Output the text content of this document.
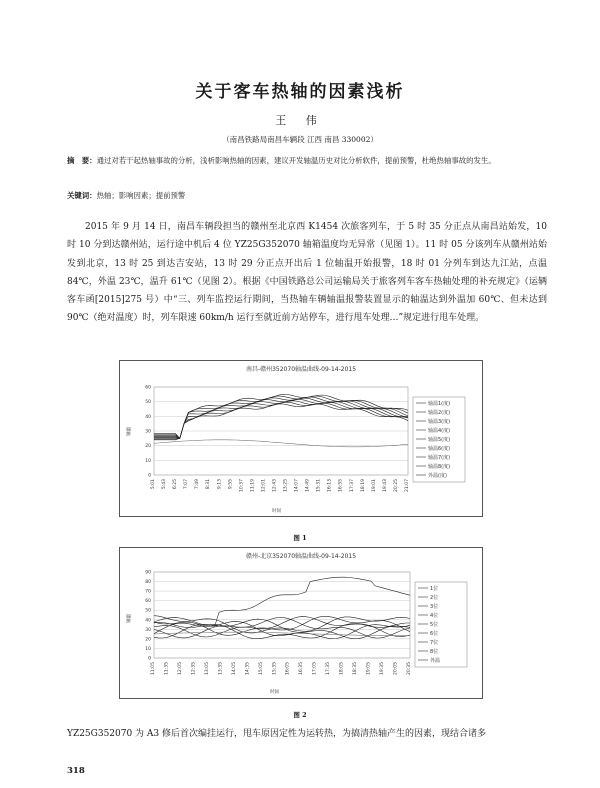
关于客车热轴的因素浅析
王 伟
（南昌铁路局南昌车辆段 江西 南昌 330002）
摘　要：通过对若干起热轴事故的分析，浅析影响热轴的因素，建议开发轴温历史对比分析软件，提前预警，杜绝热轴事故的发生。
关键词：热轴；影响因素；提前预警

2015 年 9 月 14 日，南昌车辆段担当的赣州至北京西 K1454 次旅客列车，于 5 时 35 分正点从南昌站始发，10 时 10 分到达赣州站，运行途中机后 4 位 YZ25G352070 轴箱温度均无异常（见图 1）。11 时 05 分该列车从赣州站始发到北京，13 时 25 到达吉安站，13 时 29 分正点开出后 1 位轴温开始报警，18 时 01 分列车到达九江站，点温 84℃，外温 23℃，温升 61℃（见图 2）。根据《中国铁路总公司运输局关于旅客列车客车热轴处理的补充规定》（运辆客车函[2015]275 号）中“三、列车监控运行期间，当热轴车辆轴温报警装置显示的轴温达到外温加 60℃、但未达到 90℃（绝对温度）时，列车限速 60km/h 运行至就近前方站停车，进行甩车处理…”规定进行甩车处理。

南昌-赣州352070轴温曲线-09-14-2015
60
50
40
30
20
10
0
5:01 5:43 6:25 7:07 7:49 8:31 9:13 9:55 10:37 11:19 12:01 12:43 13:25 14:07 14:49 15:31 16:13 16:55 17:37 18:19 19:01 19:43 20:25 21:07
轴温1(度)
轴温2(度)
轴温3(度)
轴温4(度)
轴温5(度)
轴温6(度)
轴温7(度)
轴温8(度)
外温(度)
轴温
时间
图 1
赣州-北京352070轴温曲线-09-14-2015
90
80
70
60
50
40
30
20
10
0
11:05 11:35 12:05 12:35 13:05 13:35 14:05 14:35 15:05 15:35 16:05 16:35 17:05 17:35 18:05 18:35 19:05 19:35 20:05 20:35
1位
2位
3位
4位
5位
6位
7位
8位
外温
轴温
时间
图 2
YZ25G352070 为 A3 修后首次编挂运行，甩车原因定性为运转热，为搞清热轴产生的因素，现结合诸多
318
